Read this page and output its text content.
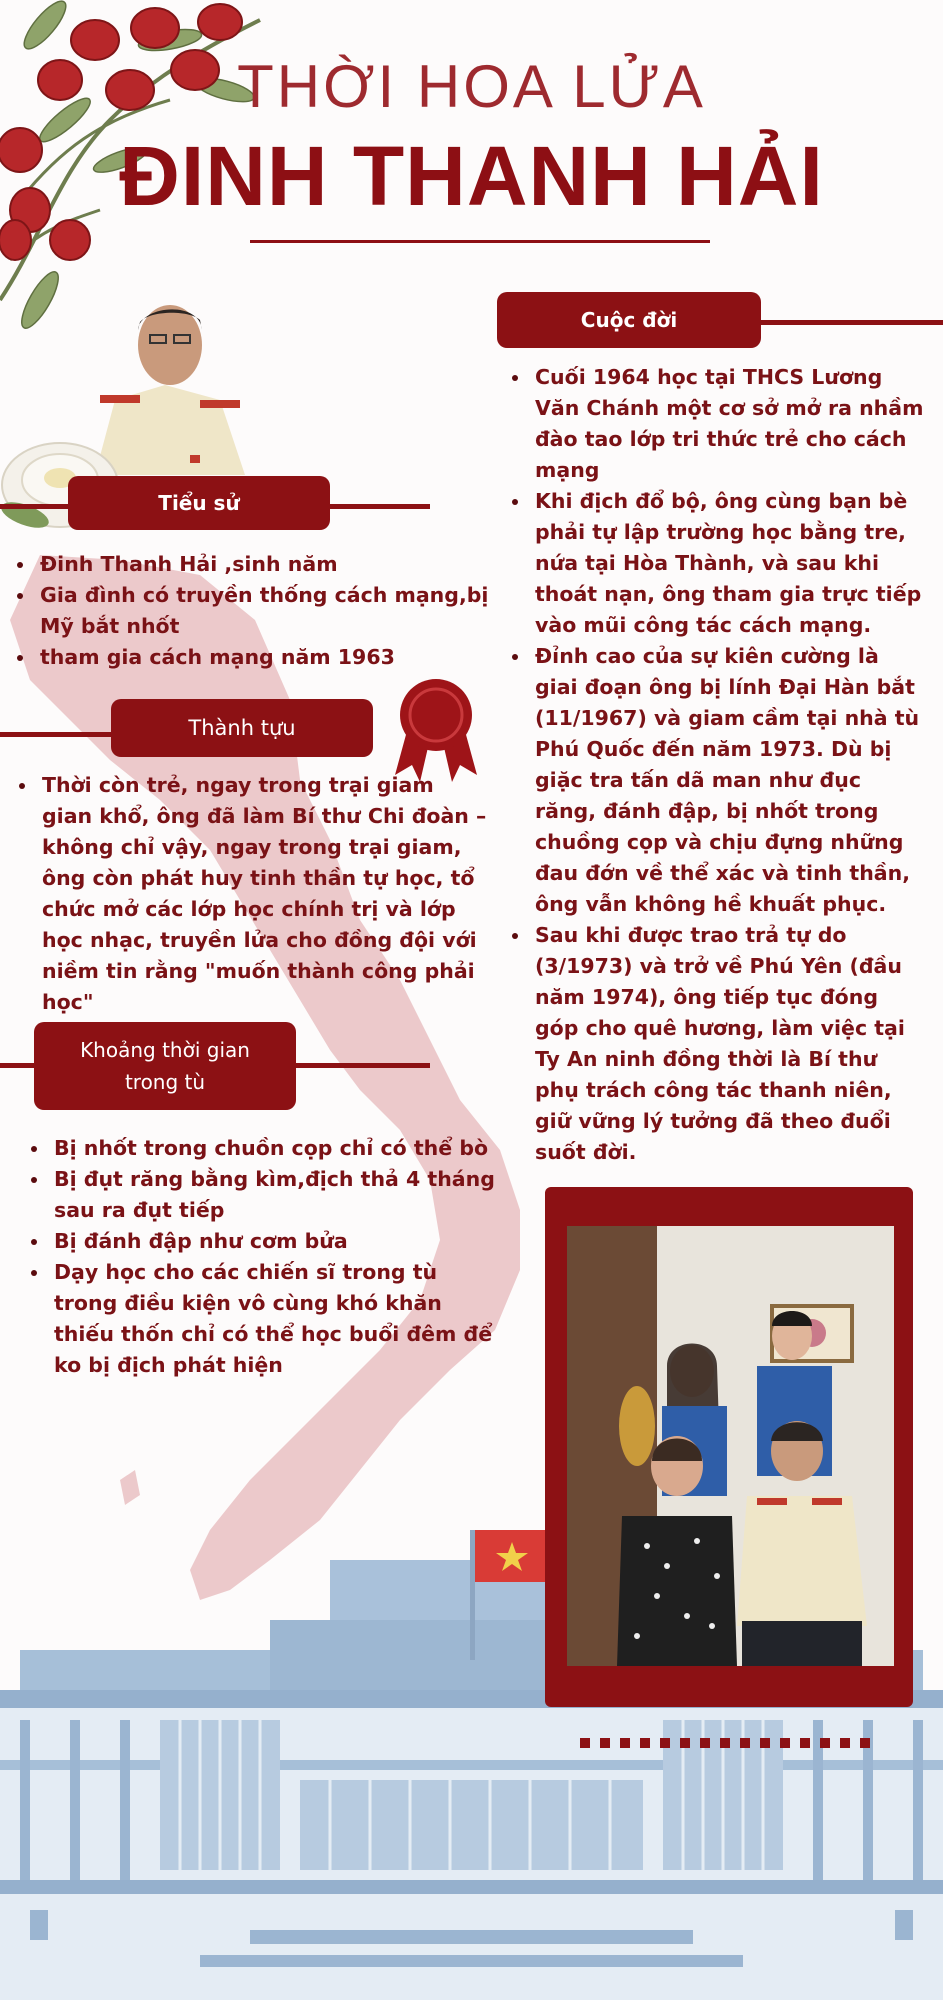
THỜI HOA LỬA
ĐINH THANH HẢI
Tiểu sử
• Đinh Thanh Hải ,sinh năm
• Gia đình có truyền thống cách mạng,bị Mỹ bắt nhốt
• tham gia cách mạng năm 1963
Thành tựu
• Thời còn trẻ, ngay trong trại giam gian khổ, ông đã làm Bí thư Chi đoàn – không chỉ vậy, ngay trong trại giam, ông còn phát huy tinh thần tự học, tổ chức mở các lớp học chính trị và lớp học nhạc, truyền lửa cho đồng đội với niềm tin rằng "muốn thành công phải học"
Khoảng thời gian
trong tù
• Bị nhốt trong chuồn cọp chỉ có thể bò
• Bị đụt răng bằng kìm,địch thả 4 tháng sau ra đụt tiếp
• Bị đánh đập như cơm bửa
• Dạy học cho các chiến sĩ trong tù trong điều kiện vô cùng khó khăn thiếu thốn chỉ có thể học buổi đêm để ko bị địch phát hiện
Cuộc đời
• Cuối 1964 học tại THCS Lương Văn Chánh một cơ sở mở ra nhầm đào tao lớp tri thức trẻ cho cách mạng
• Khi địch đổ bộ, ông cùng bạn bè phải tự lập trường học bằng tre, nứa tại Hòa Thành, và sau khi thoát nạn, ông tham gia trực tiếp vào mũi công tác cách mạng.
• Đỉnh cao của sự kiên cường là giai đoạn ông bị lính Đại Hàn bắt (11/1967) và giam cầm tại nhà tù Phú Quốc đến năm 1973. Dù bị giặc tra tấn dã man như đục răng, đánh đập, bị nhốt trong chuồng cọp và chịu đựng những đau đớn về thể xác và tinh thần, ông vẫn không hề khuất phục.
• Sau khi được trao trả tự do (3/1973) và trở về Phú Yên (đầu năm 1974), ông tiếp tục đóng góp cho quê hương, làm việc tại Ty An ninh đồng thời là Bí thư phụ trách công tác thanh niên, giữ vững lý tưởng đã theo đuổi suốt đời.
